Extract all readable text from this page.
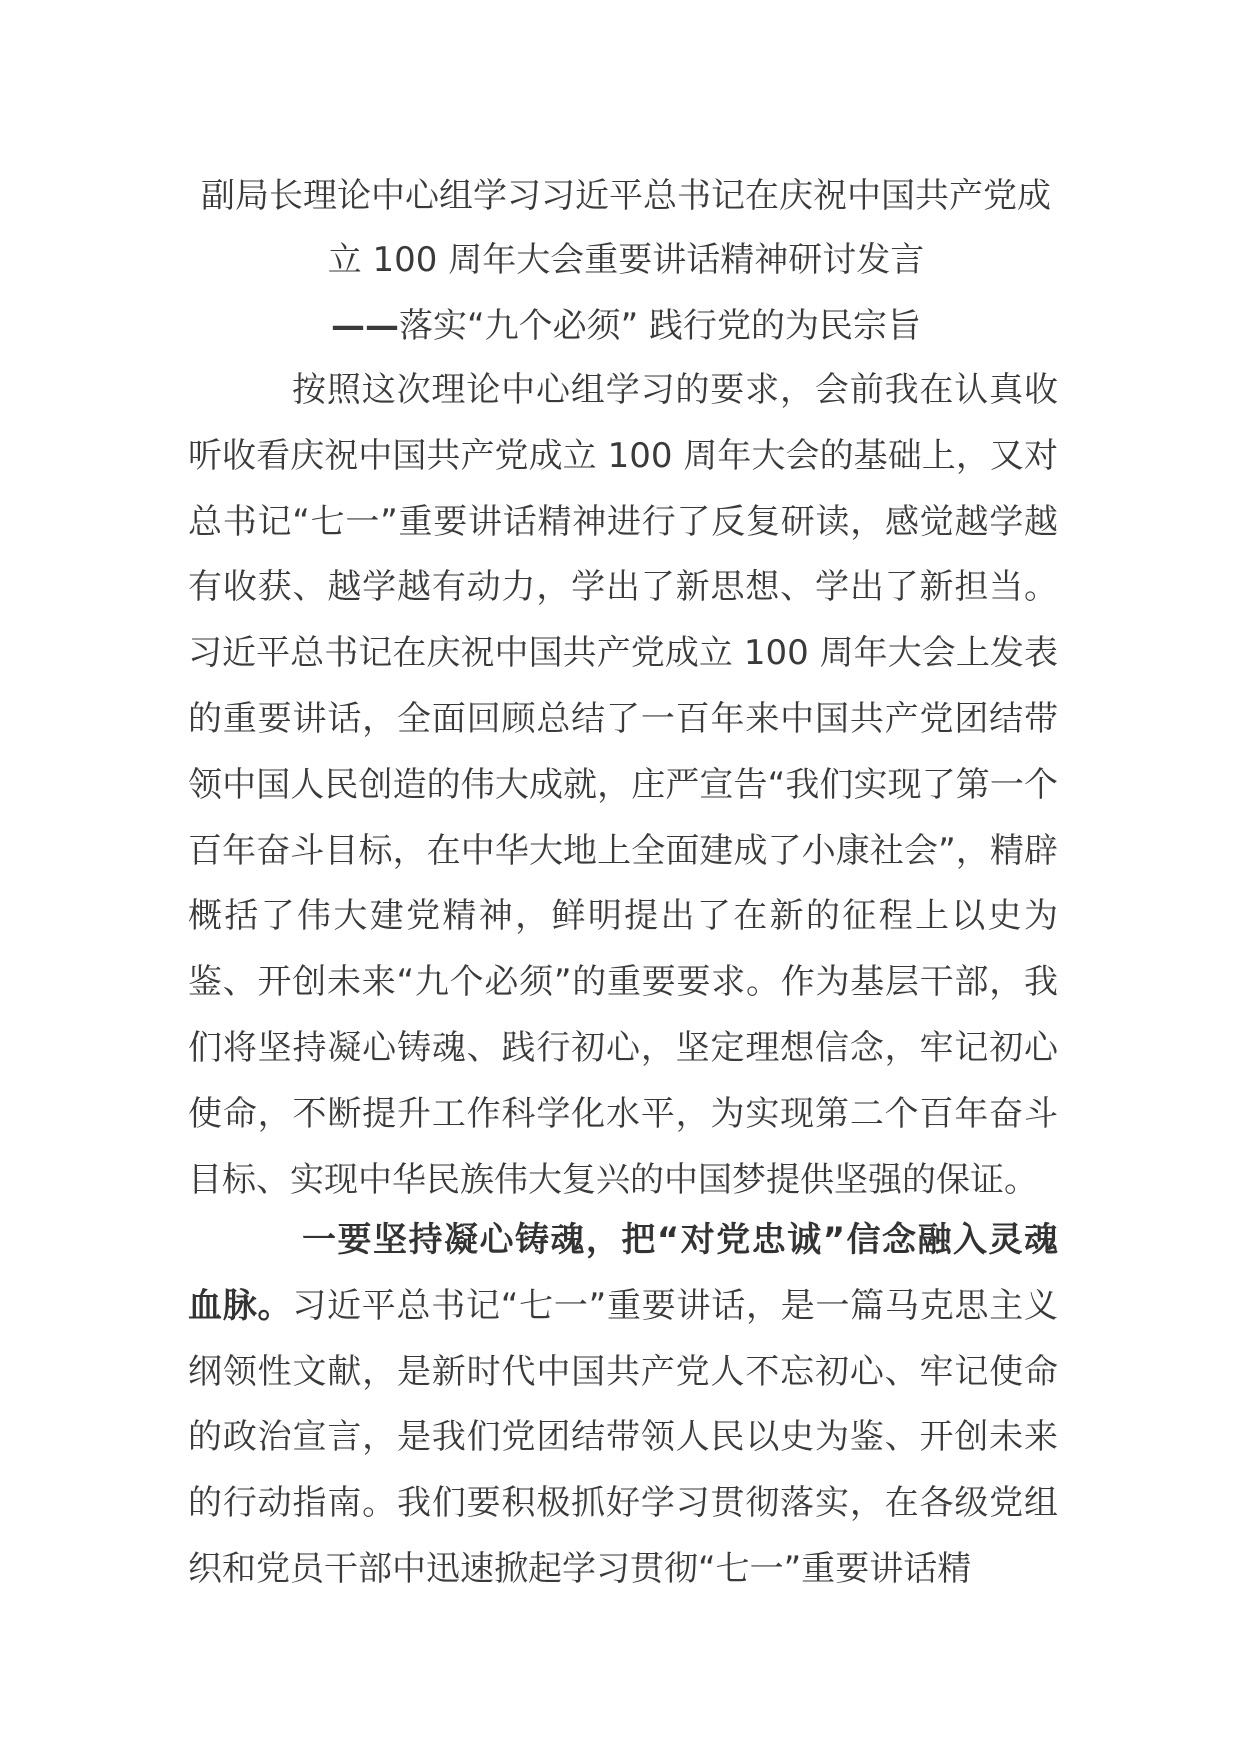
副局长理论中心组学习习近平总书记在庆祝中国共产党成
立 100 周年大会重要讲话精神研讨发言
——落实“九个必须” 践行党的为民宗旨

按照这次理论中心组学习的要求，会前我在认真收听收看庆祝中国共产党成立 100 周年大会的基础上，又对总书记“七一”重要讲话精神进行了反复研读，感觉越学越有收获、越学越有动力，学出了新思想、学出了新担当。习近平总书记在庆祝中国共产党成立 100 周年大会上发表的重要讲话，全面回顾总结了一百年来中国共产党团结带领中国人民创造的伟大成就，庄严宣告“我们实现了第一个百年奋斗目标，在中华大地上全面建成了小康社会”，精辟概括了伟大建党精神，鲜明提出了在新的征程上以史为鉴、开创未来“九个必须”的重要要求。作为基层干部，我们将坚持凝心铸魂、践行初心，坚定理想信念，牢记初心使命，不断提升工作科学化水平，为实现第二个百年奋斗目标、实现中华民族伟大复兴的中国梦提供坚强的保证。

一要坚持凝心铸魂，把“对党忠诚”信念融入灵魂血脉。习近平总书记“七一”重要讲话，是一篇马克思主义纲领性文献，是新时代中国共产党人不忘初心、牢记使命的政治宣言，是我们党团结带领人民以史为鉴、开创未来的行动指南。我们要积极抓好学习贯彻落实，在各级党组织和党员干部中迅速掀起学习贯彻“七一”重要讲话精
